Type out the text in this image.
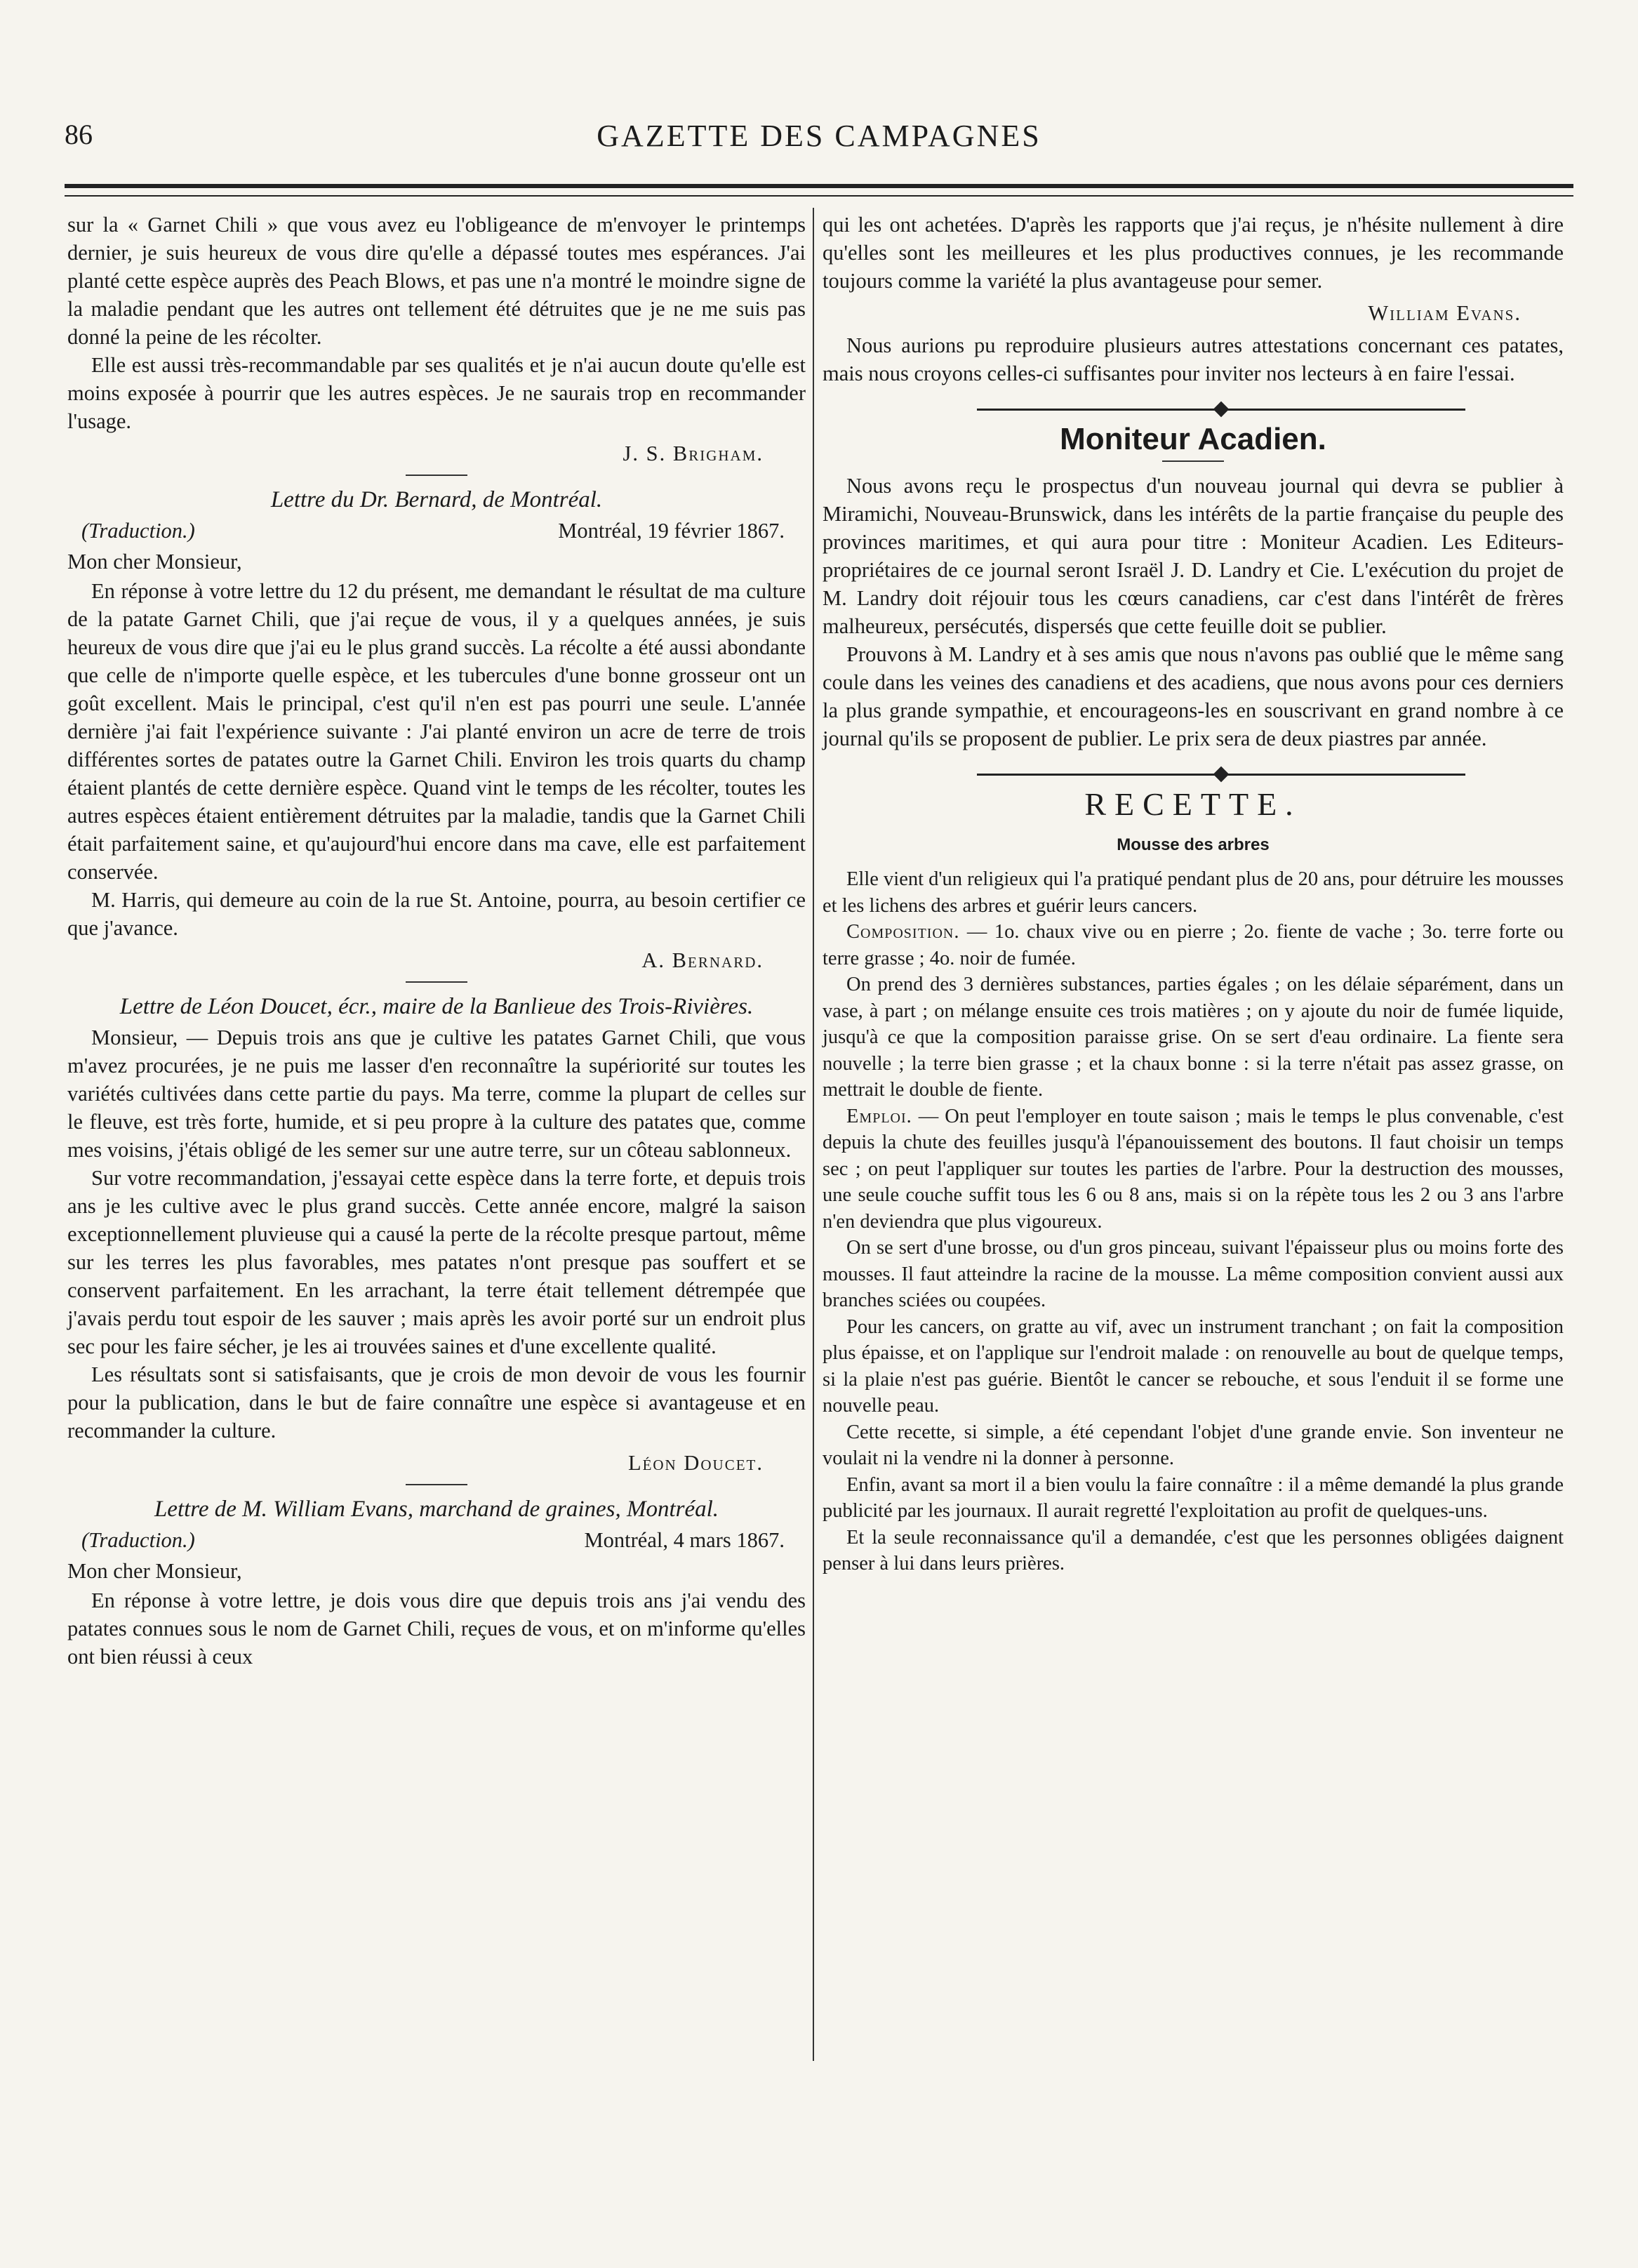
86	GAZETTE DES CAMPAGNES

sur la « Garnet Chili » que vous avez eu l'obligeance de m'envoyer le printemps dernier, je suis heureux de vous dire qu'elle a dépassé toutes mes espérances. J'ai planté cette espèce auprès des Peach Blows, et pas une n'a montré le moindre signe de la maladie pendant que les autres ont tellement été détruites que je ne me suis pas donné la peine de les récolter.

Elle est aussi très-recommandable par ses qualités et je n'ai aucun doute qu'elle est moins exposée à pourrir que les autres espèces. Je ne saurais trop en recommander l'usage.

J. S. Brigham.
Lettre du Dr. Bernard, de Montréal.
(Traduction.)	Montréal, 19 février 1867.
Mon cher Monsieur,

En réponse à votre lettre du 12 du présent, me demandant le résultat de ma culture de la patate Garnet Chili, que j'ai reçue de vous, il y a quelques années, je suis heureux de vous dire que j'ai eu le plus grand succès. La récolte a été aussi abondante que celle de n'importe quelle espèce, et les tubercules d'une bonne grosseur ont un goût excellent. Mais le principal, c'est qu'il n'en est pas pourri une seule. L'année dernière j'ai fait l'expérience suivante : J'ai planté environ un acre de terre de trois différentes sortes de patates outre la Garnet Chili. Environ les trois quarts du champ étaient plantés de cette dernière espèce. Quand vint le temps de les récolter, toutes les autres espèces étaient entièrement détruites par la maladie, tandis que la Garnet Chili était parfaitement saine, et qu'aujourd'hui encore dans ma cave, elle est parfaitement conservée.

M. Harris, qui demeure au coin de la rue St. Antoine, pourra, au besoin certifier ce que j'avance.

A. Bernard.
Lettre de Léon Doucet, écr., maire de la Banlieue des Trois-Rivières.

Monsieur, — Depuis trois ans que je cultive les patates Garnet Chili, que vous m'avez procurées, je ne puis me lasser d'en reconnaître la supériorité sur toutes les variétés cultivées dans cette partie du pays. Ma terre, comme la plupart de celles sur le fleuve, est très forte, humide, et si peu propre à la culture des patates que, comme mes voisins, j'étais obligé de les semer sur une autre terre, sur un côteau sablonneux.

Sur votre recommandation, j'essayai cette espèce dans la terre forte, et depuis trois ans je les cultive avec le plus grand succès. Cette année encore, malgré la saison exceptionnellement pluvieuse qui a causé la perte de la récolte presque partout, même sur les terres les plus favorables, mes patates n'ont presque pas souffert et se conservent parfaitement. En les arrachant, la terre était tellement détrempée que j'avais perdu tout espoir de les sauver ; mais après les avoir porté sur un endroit plus sec pour les faire sécher, je les ai trouvées saines et d'une excellente qualité.

Les résultats sont si satisfaisants, que je crois de mon devoir de vous les fournir pour la publication, dans le but de faire connaître une espèce si avantageuse et en recommander la culture.

Léon Doucet.
Lettre de M. William Evans, marchand de graines, Montréal.
(Traduction.)	Montréal, 4 mars 1867.
Mon cher Monsieur,

En réponse à votre lettre, je dois vous dire que depuis trois ans j'ai vendu des patates connues sous le nom de Garnet Chili, reçues de vous, et on m'informe qu'elles ont bien réussi à ceux

qui les ont achetées. D'après les rapports que j'ai reçus, je n'hésite nullement à dire qu'elles sont les meilleures et les plus productives connues, je les recommande toujours comme la variété la plus avantageuse pour semer.

William Evans.

Nous aurions pu reproduire plusieurs autres attestations concernant ces patates, mais nous croyons celles-ci suffisantes pour inviter nos lecteurs à en faire l'essai.

Moniteur Acadien.

Nous avons reçu le prospectus d'un nouveau journal qui devra se publier à Miramichi, Nouveau-Brunswick, dans les intérêts de la partie française du peuple des provinces maritimes, et qui aura pour titre : Moniteur Acadien. Les Editeurs-propriétaires de ce journal seront Israël J. D. Landry et Cie. L'exécution du projet de M. Landry doit réjouir tous les cœurs canadiens, car c'est dans l'intérêt de frères malheureux, persécutés, dispersés que cette feuille doit se publier.

Prouvons à M. Landry et à ses amis que nous n'avons pas oublié que le même sang coule dans les veines des canadiens et des acadiens, que nous avons pour ces derniers la plus grande sympathie, et encourageons-les en souscrivant en grand nombre à ce journal qu'ils se proposent de publier. Le prix sera de deux piastres par année.

RECETTE.
Mousse des arbres

Elle vient d'un religieux qui l'a pratiqué pendant plus de 20 ans, pour détruire les mousses et les lichens des arbres et guérir leurs cancers.

Composition. — 1o. chaux vive ou en pierre ; 2o. fiente de vache ; 3o. terre forte ou terre grasse ; 4o. noir de fumée.

On prend des 3 dernières substances, parties égales ; on les délaie séparément, dans un vase, à part ; on mélange ensuite ces trois matières ; on y ajoute du noir de fumée liquide, jusqu'à ce que la composition paraisse grise. On se sert d'eau ordinaire. La fiente sera nouvelle ; la terre bien grasse ; et la chaux bonne : si la terre n'était pas assez grasse, on mettrait le double de fiente.

Emploi. — On peut l'employer en toute saison ; mais le temps le plus convenable, c'est depuis la chute des feuilles jusqu'à l'épanouissement des boutons. Il faut choisir un temps sec ; on peut l'appliquer sur toutes les parties de l'arbre. Pour la destruction des mousses, une seule couche suffit tous les 6 ou 8 ans, mais si on la répète tous les 2 ou 3 ans l'arbre n'en deviendra que plus vigoureux.

On se sert d'une brosse, ou d'un gros pinceau, suivant l'épaisseur plus ou moins forte des mousses. Il faut atteindre la racine de la mousse. La même composition convient aussi aux branches sciées ou coupées.

Pour les cancers, on gratte au vif, avec un instrument tranchant ; on fait la composition plus épaisse, et on l'applique sur l'endroit malade : on renouvelle au bout de quelque temps, si la plaie n'est pas guérie. Bientôt le cancer se rebouche, et sous l'enduit il se forme une nouvelle peau.

Cette recette, si simple, a été cependant l'objet d'une grande envie. Son inventeur ne voulait ni la vendre ni la donner à personne.

Enfin, avant sa mort il a bien voulu la faire connaître : il a même demandé la plus grande publicité par les journaux. Il aurait regretté l'exploitation au profit de quelques-uns.

Et la seule reconnaissance qu'il a demandée, c'est que les personnes obligées daignent penser à lui dans leurs prières.
